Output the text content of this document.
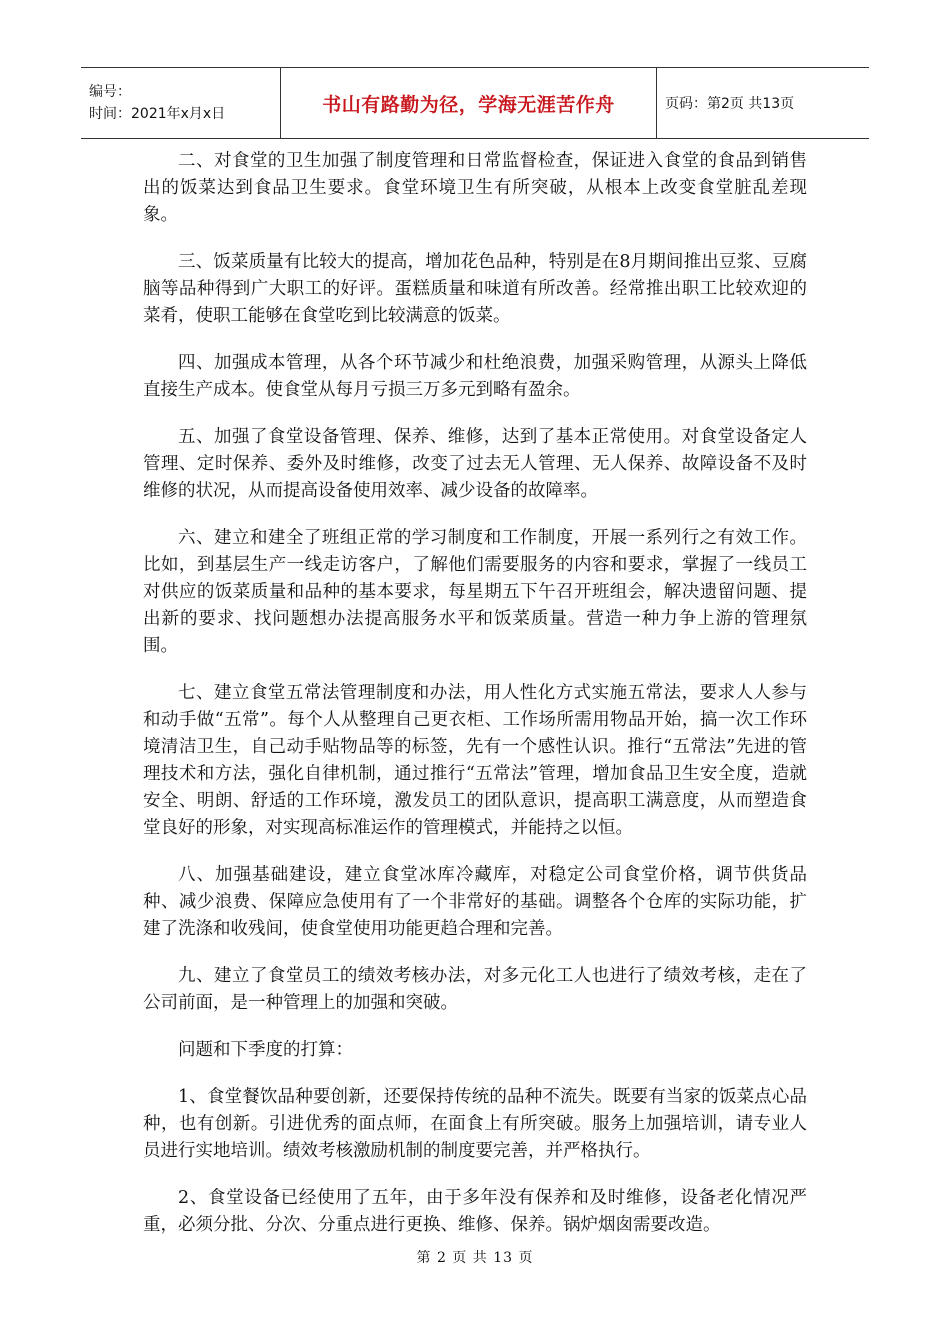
编号：
时间：2021年x月x日	书山有路勤为径，学海无涯苦作舟	页码：第2页 共13页

二、对食堂的卫生加强了制度管理和日常监督检查，保证进入食堂的食品到销售出的饭菜达到食品卫生要求。食堂环境卫生有所突破，从根本上改变食堂脏乱差现象。

三、饭菜质量有比较大的提高，增加花色品种，特别是在8月期间推出豆浆、豆腐脑等品种得到广大职工的好评。蛋糕质量和味道有所改善。经常推出职工比较欢迎的菜肴，使职工能够在食堂吃到比较满意的饭菜。

四、加强成本管理，从各个环节减少和杜绝浪费，加强采购管理，从源头上降低直接生产成本。使食堂从每月亏损三万多元到略有盈余。

五、加强了食堂设备管理、保养、维修，达到了基本正常使用。对食堂设备定人管理、定时保养、委外及时维修，改变了过去无人管理、无人保养、故障设备不及时维修的状况，从而提高设备使用效率、减少设备的故障率。

六、建立和建全了班组正常的学习制度和工作制度，开展一系列行之有效工作。比如，到基层生产一线走访客户，了解他们需要服务的内容和要求，掌握了一线员工对供应的饭菜质量和品种的基本要求，每星期五下午召开班组会，解决遗留问题、提出新的要求、找问题想办法提高服务水平和饭菜质量。营造一种力争上游的管理氛围。

七、建立食堂五常法管理制度和办法，用人性化方式实施五常法，要求人人参与和动手做“五常”。每个人从整理自己更衣柜、工作场所需用物品开始，搞一次工作环境清洁卫生，自己动手贴物品等的标签，先有一个感性认识。推行“五常法”先进的管理技术和方法，强化自律机制，通过推行“五常法”管理，增加食品卫生安全度，造就安全、明朗、舒适的工作环境，激发员工的团队意识，提高职工满意度，从而塑造食堂良好的形象，对实现高标准运作的管理模式，并能持之以恒。

八、加强基础建设，建立食堂冰库冷藏库，对稳定公司食堂价格，调节供货品种、减少浪费、保障应急使用有了一个非常好的基础。调整各个仓库的实际功能，扩建了洗涤和收残间，使食堂使用功能更趋合理和完善。

九、建立了食堂员工的绩效考核办法，对多元化工人也进行了绩效考核，走在了公司前面，是一种管理上的加强和突破。

问题和下季度的打算：

1、食堂餐饮品种要创新，还要保持传统的品种不流失。既要有当家的饭菜点心品种，也有创新。引进优秀的面点师，在面食上有所突破。服务上加强培训，请专业人员进行实地培训。绩效考核激励机制的制度要完善，并严格执行。

2、食堂设备已经使用了五年，由于多年没有保养和及时维修，设备老化情况严重，必须分批、分次、分重点进行更换、维修、保养。锅炉烟囱需要改造。

第 2 页 共 13 页
